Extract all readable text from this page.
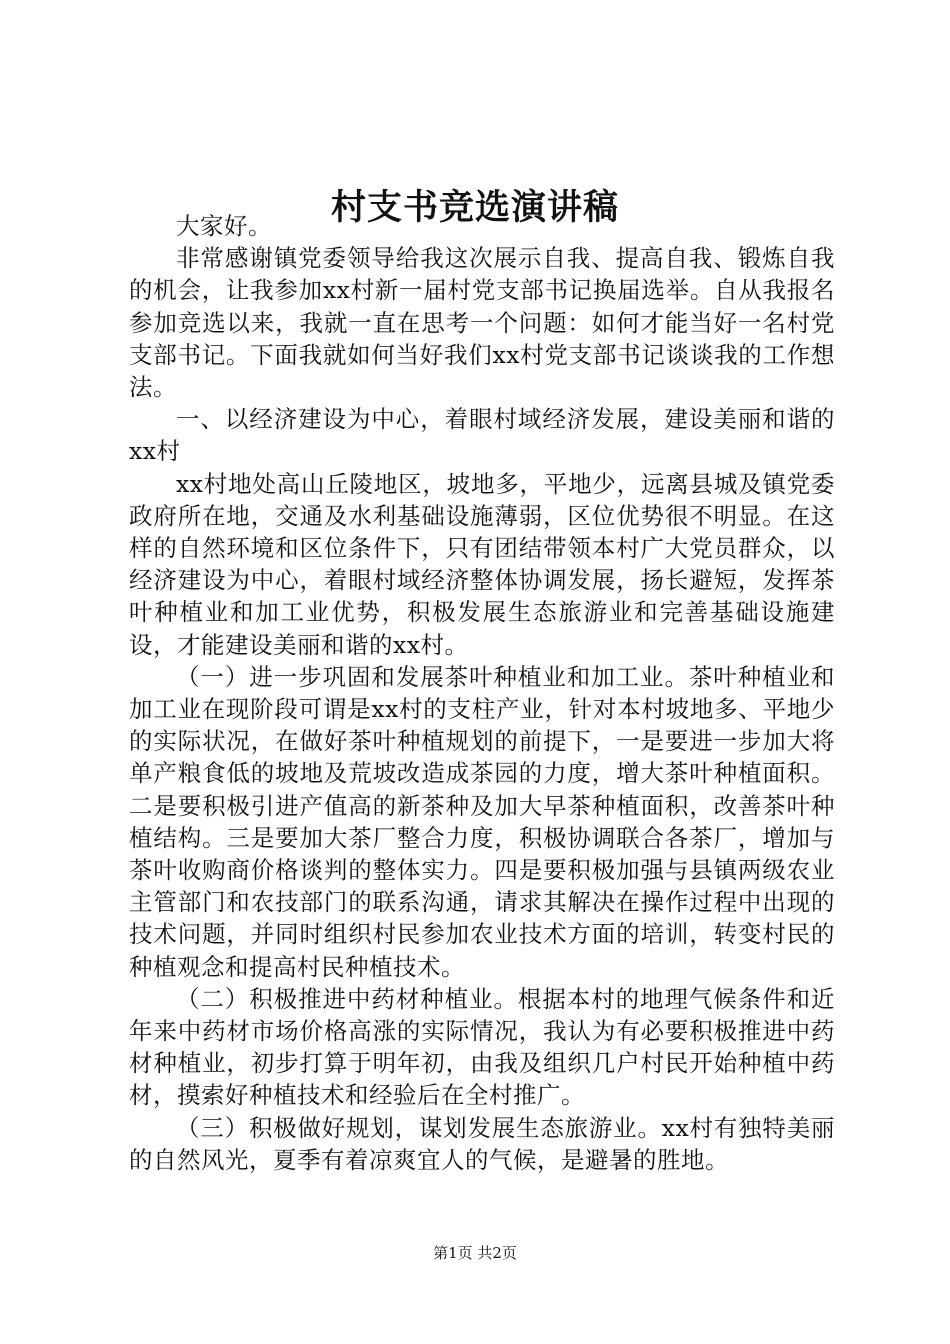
村支书竞选演讲稿

大家好。

非常感谢镇党委领导给我这次展示自我、提高自我、锻炼自我的机会，让我参加xx村新一届村党支部书记换届选举。自从我报名参加竞选以来，我就一直在思考一个问题：如何才能当好一名村党支部书记。下面我就如何当好我们xx村党支部书记谈谈我的工作想法。

一、以经济建设为中心，着眼村域经济发展，建设美丽和谐的xx村

xx村地处高山丘陵地区，坡地多，平地少，远离县城及镇党委政府所在地，交通及水利基础设施薄弱，区位优势很不明显。在这样的自然环境和区位条件下，只有团结带领本村广大党员群众，以经济建设为中心，着眼村域经济整体协调发展，扬长避短，发挥茶叶种植业和加工业优势，积极发展生态旅游业和完善基础设施建设，才能建设美丽和谐的xx村。

（一）进一步巩固和发展茶叶种植业和加工业。茶叶种植业和加工业在现阶段可谓是xx村的支柱产业，针对本村坡地多、平地少的实际状况，在做好茶叶种植规划的前提下，一是要进一步加大将单产粮食低的坡地及荒坡改造成茶园的力度，增大茶叶种植面积。二是要积极引进产值高的新茶种及加大早茶种植面积，改善茶叶种植结构。三是要加大茶厂整合力度，积极协调联合各茶厂，增加与茶叶收购商价格谈判的整体实力。四是要积极加强与县镇两级农业主管部门和农技部门的联系沟通，请求其解决在操作过程中出现的技术问题，并同时组织村民参加农业技术方面的培训，转变村民的种植观念和提高村民种植技术。

（二）积极推进中药材种植业。根据本村的地理气候条件和近年来中药材市场价格高涨的实际情况，我认为有必要积极推进中药材种植业，初步打算于明年初，由我及组织几户村民开始种植中药材，摸索好种植技术和经验后在全村推广。

（三）积极做好规划，谋划发展生态旅游业。xx村有独特美丽的自然风光，夏季有着凉爽宜人的气候，是避暑的胜地。

第1页 共2页
